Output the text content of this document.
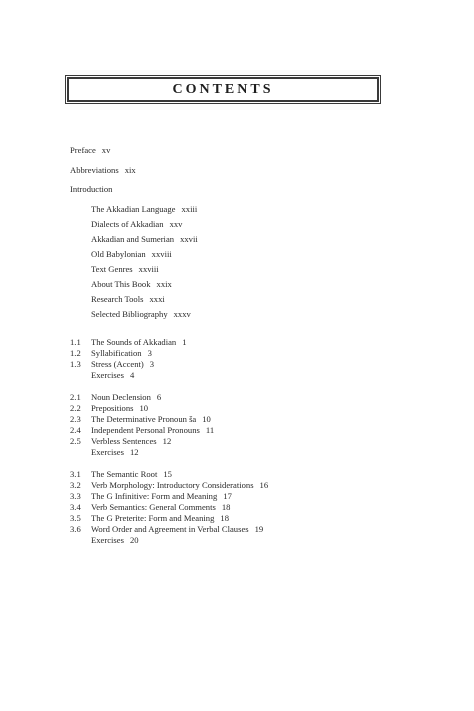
CONTENTS
Preface xv
Abbreviations xix
Introduction
The Akkadian Language xxiii
Dialects of Akkadian xxv
Akkadian and Sumerian xxvii
Old Babylonian xxviii
Text Genres xxviii
About This Book xxix
Research Tools xxxi
Selected Bibliography xxxv
1.1 The Sounds of Akkadian 1
1.2 Syllabification 3
1.3 Stress (Accent) 3
Exercises 4
2.1 Noun Declension 6
2.2 Prepositions 10
2.3 The Determinative Pronoun ša 10
2.4 Independent Personal Pronouns 11
2.5 Verbless Sentences 12
Exercises 12
3.1 The Semantic Root 15
3.2 Verb Morphology: Introductory Considerations 16
3.3 The G Infinitive: Form and Meaning 17
3.4 Verb Semantics: General Comments 18
3.5 The G Preterite: Form and Meaning 18
3.6 Word Order and Agreement in Verbal Clauses 19
Exercises 20
